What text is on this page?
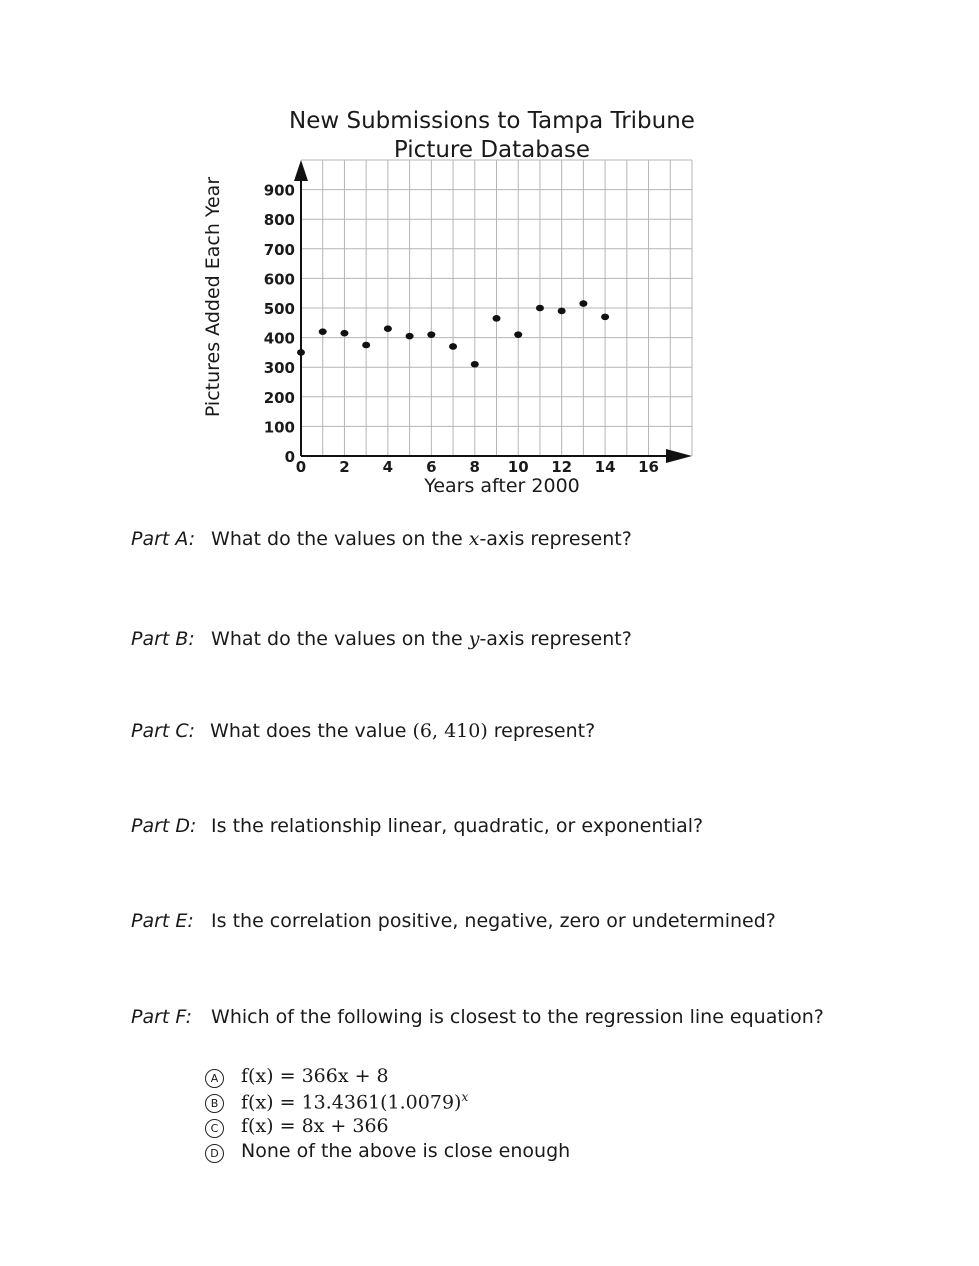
New Submissions to Tampa Tribune
Picture Database
0
100
200
300
400
500
600
700
800
900
0 2 4 6 8 10 12 14 16
Years after 2000
Pictures Added Each Year
Part A: What do the values on the x-axis represent?
Part B: What do the values on the y-axis represent?
Part C: What does the value (6, 410) represent?
Part D: Is the relationship linear, quadratic, or exponential?
Part E: Is the correlation positive, negative, zero or undetermined?
Part F: Which of the following is closest to the regression line equation?
A	f(x) = 366x + 8
B	$f(x) = 13.4361(1.0079)^x$
C f(x) = 8x + 366
D None of the above is close enough
